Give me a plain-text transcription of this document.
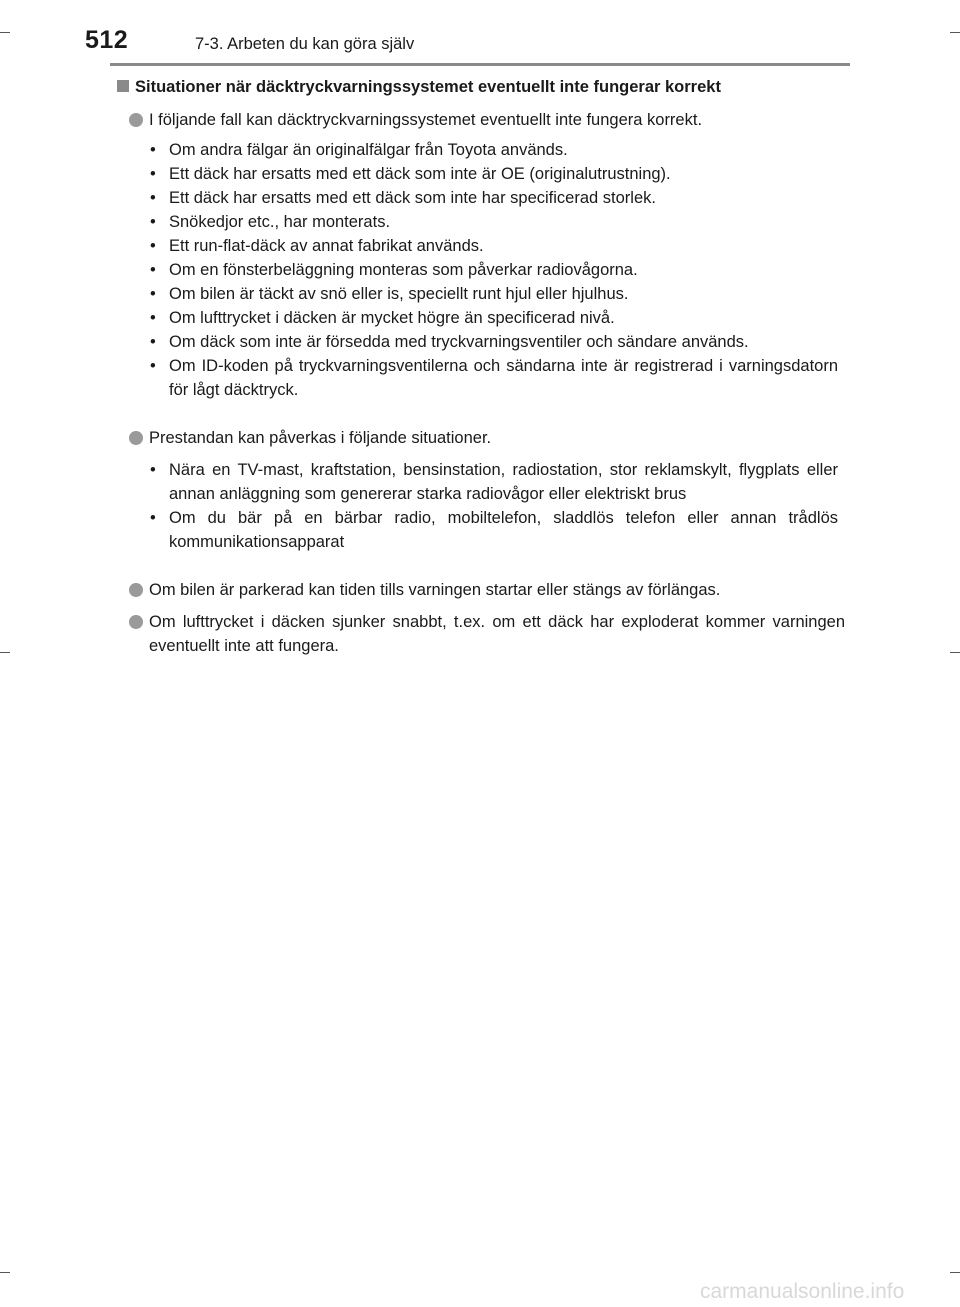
512	7-3. Arbeten du kan göra själv
Situationer när däcktryckvarningssystemet eventuellt inte fungerar korrekt
I följande fall kan däcktryckvarningssystemet eventuellt inte fungera korrekt.
• Om andra fälgar än originalfälgar från Toyota används.
• Ett däck har ersatts med ett däck som inte är OE (originalutrustning).
• Ett däck har ersatts med ett däck som inte har specificerad storlek.
• Snökedjor etc., har monterats.
• Ett run-flat-däck av annat fabrikat används.
• Om en fönsterbeläggning monteras som påverkar radiovågorna.
• Om bilen är täckt av snö eller is, speciellt runt hjul eller hjulhus.
• Om lufttrycket i däcken är mycket högre än specificerad nivå.
• Om däck som inte är försedda med tryckvarningsventiler och sändare används.
• Om ID-koden på tryckvarningsventilerna och sändarna inte är registrerad i varningsdatorn för lågt däcktryck.
Prestandan kan påverkas i följande situationer.
• Nära en TV-mast, kraftstation, bensinstation, radiostation, stor reklamskylt, flygplats eller annan anläggning som genererar starka radiovågor eller elektriskt brus
• Om du bär på en bärbar radio, mobiltelefon, sladdlös telefon eller annan trådlös kommunikationsapparat
Om bilen är parkerad kan tiden tills varningen startar eller stängs av förlängas.
Om lufttrycket i däcken sjunker snabbt, t.ex. om ett däck har exploderat kommer varningen eventuellt inte att fungera.
carmanualsonline.info
